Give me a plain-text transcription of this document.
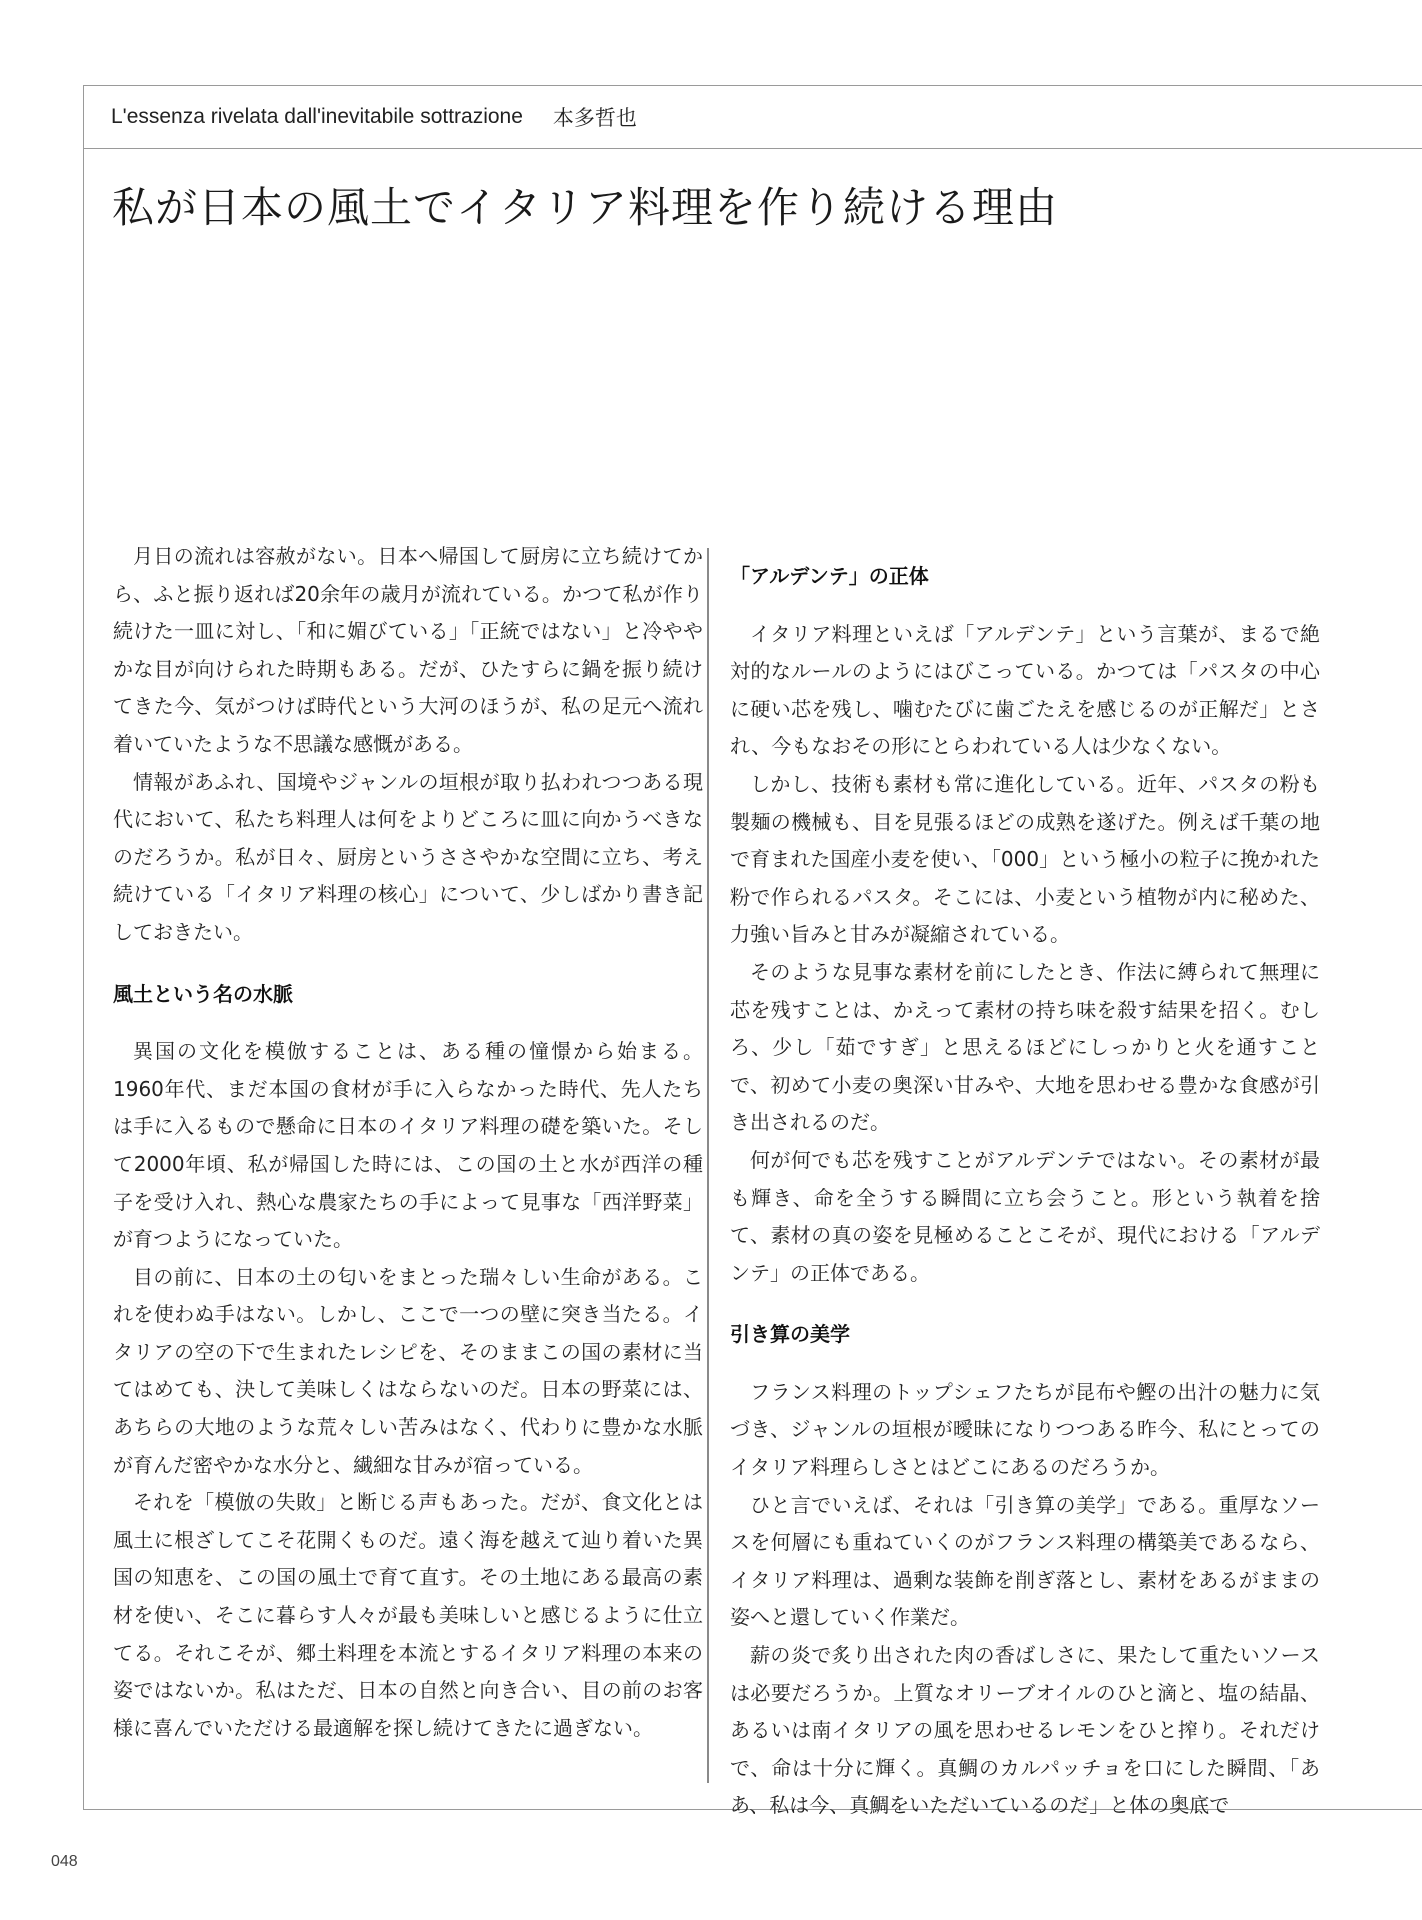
L'essenza rivelata dall'inevitabile sottrazione 本多哲也
私が日本の風土でイタリア料理を作り続ける理由

月日の流れは容赦がない。日本へ帰国して厨房に立ち続けてから、ふと振り返れば20余年の歳月が流れている。かつて私が作り続けた一皿に対し、「和に媚びている」「正統ではない」と冷ややかな目が向けられた時期もある。だが、ひたすらに鍋を振り続けてきた今、気がつけば時代という大河のほうが、私の足元へ流れ着いていたような不思議な感慨がある。

情報があふれ、国境やジャンルの垣根が取り払われつつある現代において、私たち料理人は何をよりどころに皿に向かうべきなのだろうか。私が日々、厨房というささやかな空間に立ち、考え続けている「イタリア料理の核心」について、少しばかり書き記しておきたい。

風土という名の水脈

異国の文化を模倣することは、ある種の憧憬から始まる。1960年代、まだ本国の食材が手に入らなかった時代、先人たちは手に入るもので懸命に日本のイタリア料理の礎を築いた。そして2000年頃、私が帰国した時には、この国の土と水が西洋の種子を受け入れ、熱心な農家たちの手によって見事な「西洋野菜」が育つようになっていた。

目の前に、日本の土の匂いをまとった瑞々しい生命がある。これを使わぬ手はない。しかし、ここで一つの壁に突き当たる。イタリアの空の下で生まれたレシピを、そのままこの国の素材に当てはめても、決して美味しくはならないのだ。日本の野菜には、あちらの大地のような荒々しい苦みはなく、代わりに豊かな水脈が育んだ密やかな水分と、繊細な甘みが宿っている。

それを「模倣の失敗」と断じる声もあった。だが、食文化とは風土に根ざしてこそ花開くものだ。遠く海を越えて辿り着いた異国の知恵を、この国の風土で育て直す。その土地にある最高の素材を使い、そこに暮らす人々が最も美味しいと感じるように仕立てる。それこそが、郷土料理を本流とするイタリア料理の本来の姿ではないか。私はただ、日本の自然と向き合い、目の前のお客様に喜んでいただける最適解を探し続けてきたに過ぎない。

「アルデンテ」の正体

イタリア料理といえば「アルデンテ」という言葉が、まるで絶対的なルールのようにはびこっている。かつては「パスタの中心に硬い芯を残し、噛むたびに歯ごたえを感じるのが正解だ」とされ、今もなおその形にとらわれている人は少なくない。

しかし、技術も素材も常に進化している。近年、パスタの粉も製麺の機械も、目を見張るほどの成熟を遂げた。例えば千葉の地で育まれた国産小麦を使い、「000」という極小の粒子に挽かれた粉で作られるパスタ。そこには、小麦という植物が内に秘めた、力強い旨みと甘みが凝縮されている。

そのような見事な素材を前にしたとき、作法に縛られて無理に芯を残すことは、かえって素材の持ち味を殺す結果を招く。むしろ、少し「茹ですぎ」と思えるほどにしっかりと火を通すことで、初めて小麦の奥深い甘みや、大地を思わせる豊かな食感が引き出されるのだ。

何が何でも芯を残すことがアルデンテではない。その素材が最も輝き、命を全うする瞬間に立ち会うこと。形という執着を捨て、素材の真の姿を見極めることこそが、現代における「アルデンテ」の正体である。

引き算の美学

フランス料理のトップシェフたちが昆布や鰹の出汁の魅力に気づき、ジャンルの垣根が曖昧になりつつある昨今、私にとってのイタリア料理らしさとはどこにあるのだろうか。

ひと言でいえば、それは「引き算の美学」である。重厚なソースを何層にも重ねていくのがフランス料理の構築美であるなら、イタリア料理は、過剰な装飾を削ぎ落とし、素材をあるがままの姿へと還していく作業だ。

薪の炎で炙り出された肉の香ばしさに、果たして重たいソースは必要だろうか。上質なオリーブオイルのひと滴と、塩の結晶、あるいは南イタリアの風を思わせるレモンをひと搾り。それだけで、命は十分に輝く。真鯛のカルパッチョを口にした瞬間、「ああ、私は今、真鯛をいただいているのだ」と体の奥底で

048
